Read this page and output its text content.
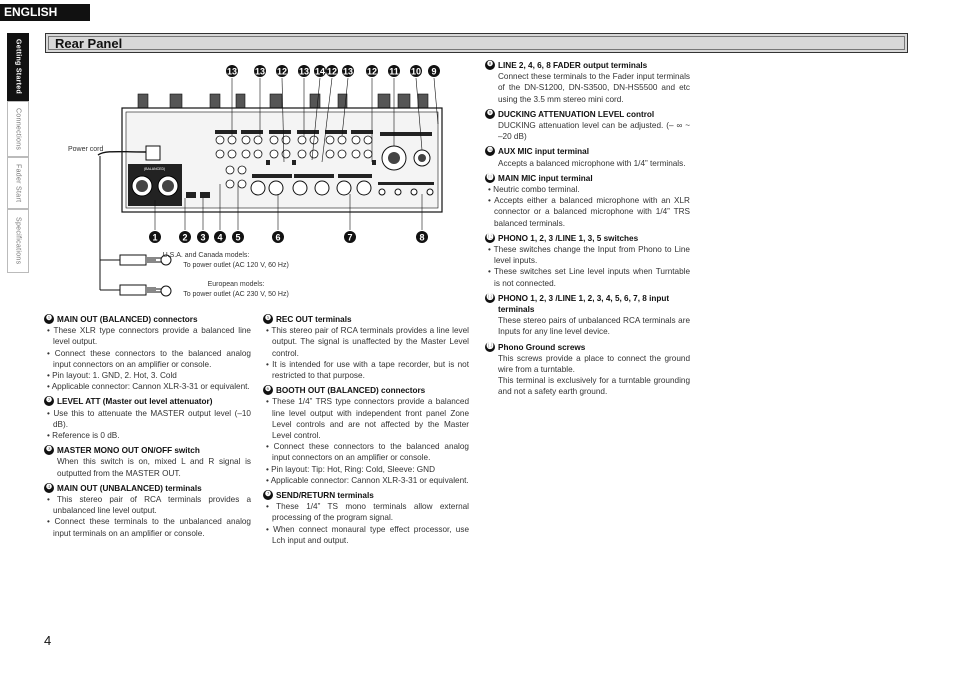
ENGLISH
Getting Started
Connections
Fader Start
Specifications
Rear Panel
(BALANCED)
13 13 12 13 14 12 13 12 11 10 9
1	2 3 4 5	6	7	8
Power cord
U.S.A. and Canada models:
To power outlet (AC 120 V, 60 Hz)
European models:
To power outlet (AC 230 V, 50 Hz)
❶ MAIN OUT (BALANCED) connectors
• These XLR type connectors provide a balanced line level output.
• Connect these connectors to the balanced analog input connectors on an amplifier or console.
• Pin layout: 1. GND, 2. Hot, 3. Cold
• Applicable connector: Cannon XLR-3-31 or equivalent.
❷ LEVEL ATT (Master out level attenuator)
• Use this to attenuate the MASTER output level (–10 dB).
• Reference is 0 dB.
❸ MASTER MONO OUT ON/OFF switch
When this switch is on, mixed L and R signal is outputted from the MASTER OUT.
❹ MAIN OUT (UNBALANCED) terminals
• This stereo pair of RCA terminals provides a unbalanced line level output.
• Connect these terminals to the unbalanced analog input terminals on an amplifier or console.
❺ REC OUT terminals
• This stereo pair of RCA terminals provides a line level output. The signal is unaffected by the Master Level control.
• It is intended for use with a tape recorder, but is not restricted to that purpose.
❻ BOOTH OUT (BALANCED) connectors
• These 1/4” TRS type connectors provide a balanced line level output with independent front panel Zone Level controls and are not affected by the Master Level control.
• Connect these connectors to the balanced analog input connectors on an amplifier or console.
• Pin layout: Tip: Hot, Ring: Cold, Sleeve: GND
• Applicable connector: Cannon XLR-3-31 or equivalent.
❼ SEND/RETURN terminals
• These 1/4” TS mono terminals allow external processing of the program signal.
• When connect monaural type effect processor, use Lch input and output.
❽ LINE 2, 4, 6, 8 FADER output terminals
Connect these terminals to the Fader input terminals of the DN-S1200, DN-S3500, DN-HS5500 and etc using the 3.5 mm stereo mini cord.
❾ DUCKING ATTENUATION LEVEL control
DUCKING attenuation level can be adjusted. (– ∞ ~ –20 dB)
❿ AUX MIC input terminal
Accepts a balanced microphone with 1/4” terminals.
⓫ MAIN MIC input terminal
• Neutric combo terminal.
• Accepts either a balanced microphone with an XLR connector or a balanced microphone with 1/4” TRS balanced terminals.
⓬ PHONO 1, 2, 3 /LINE 1, 3, 5 switches
• These switches change the Input from Phono to Line level inputs.
• These switches set Line level inputs when Turntable is not connected.
⓭ PHONO 1, 2, 3 /LINE 1, 2, 3, 4, 5, 6, 7, 8 input terminals
These stereo pairs of unbalanced RCA terminals are Inputs for any line level device.
⓮ Phono Ground screws
This screws provide a place to connect the ground wire from a turntable.
This terminal is exclusively for a turntable grounding and not a safety earth ground.
4
